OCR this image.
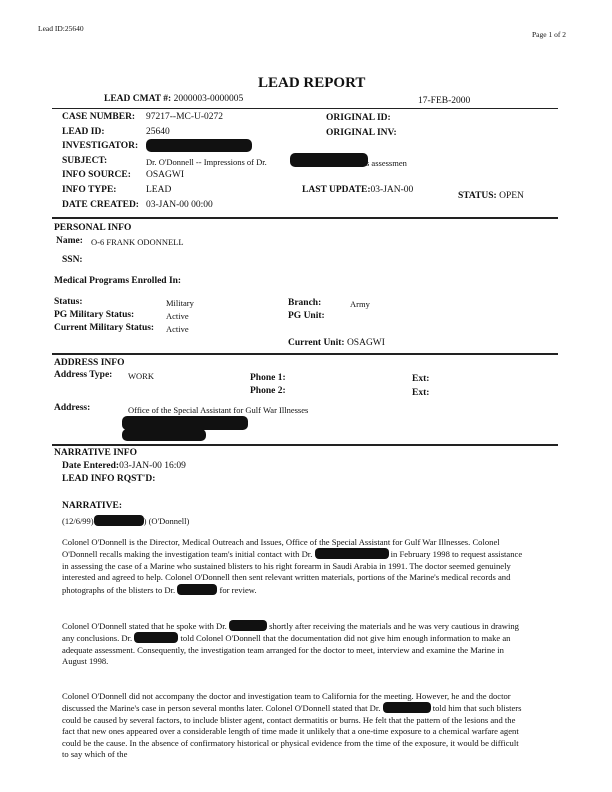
Lead ID:25640
Page 1 of 2
LEAD REPORT
LEAD CMAT #: 2000003-0000005	17-FEB-2000
CASE NUMBER: 97217--MC-U-0272	ORIGINAL ID:
LEAD ID:	25640	ORIGINAL INV:
INVESTIGATOR:
SUBJECT:	Dr. O'Donnell -- Impressions of Dr.	s assessmen
INFO SOURCE: OSAGWI
INFO TYPE:	LEAD	LAST UPDATE:03-JAN-00
STATUS: OPEN
DATE CREATED: 03-JAN-00 00:00
PERSONAL INFO
Name: O-6 FRANK ODONNELL
SSN:
Medical Programs Enrolled In:
Status:	Military	Branch:	Army
PG Military Status:	Active	PG Unit:
Current Military Status: Active
Current Unit: OSAGWI
ADDRESS INFO
Address Type: WORK	Phone 1:	Ext:
Phone 2:	Ext:
Address:	Office of the Special Assistant for Gulf War Illnesses
NARRATIVE INFO
Date Entered:03-JAN-00 16:09
LEAD INFO RQST'D:
NARRATIVE:
(12/6/99)	) (O'Donnell)
Colonel O'Donnell is the Director, Medical Outreach and Issues, Office of the Special Assistant for Gulf War Illnesses. Colonel O'Donnell recalls making the investigation team's initial contact with Dr.	in February 1998 to request assistance in assessing the case of a Marine who sustained blisters to his right forearm in Saudi Arabia in 1991. The doctor seemed genuinely interested and agreed to help. Colonel O'Donnell then sent relevant written materials, portions of the Marine's medical records and photographs of the blisters to Dr.	for review.
Colonel O'Donnell stated that he spoke with Dr.	shortly after receiving the materials and he was very cautious in drawing any conclusions. Dr.	told Colonel O'Donnell that the documentation did not give him enough information to make an adequate assessment. Consequently, the investigation team arranged for the doctor to meet, interview and examine the Marine in August 1998.
Colonel O'Donnell did not accompany the doctor and investigation team to California for the meeting. However, he and the doctor discussed the Marine's case in person several months later. Colonel O'Donnell stated that Dr.	told him that such blisters could be caused by several factors, to include blister agent, contact dermatitis or burns. He felt that the pattern of the lesions and the fact that new ones appeared over a considerable length of time made it unlikely that a one-time exposure to a chemical warfare agent could be the cause. In the absence of confirmatory historical or physical evidence from the time of the exposure, it would be difficult to say which of the
